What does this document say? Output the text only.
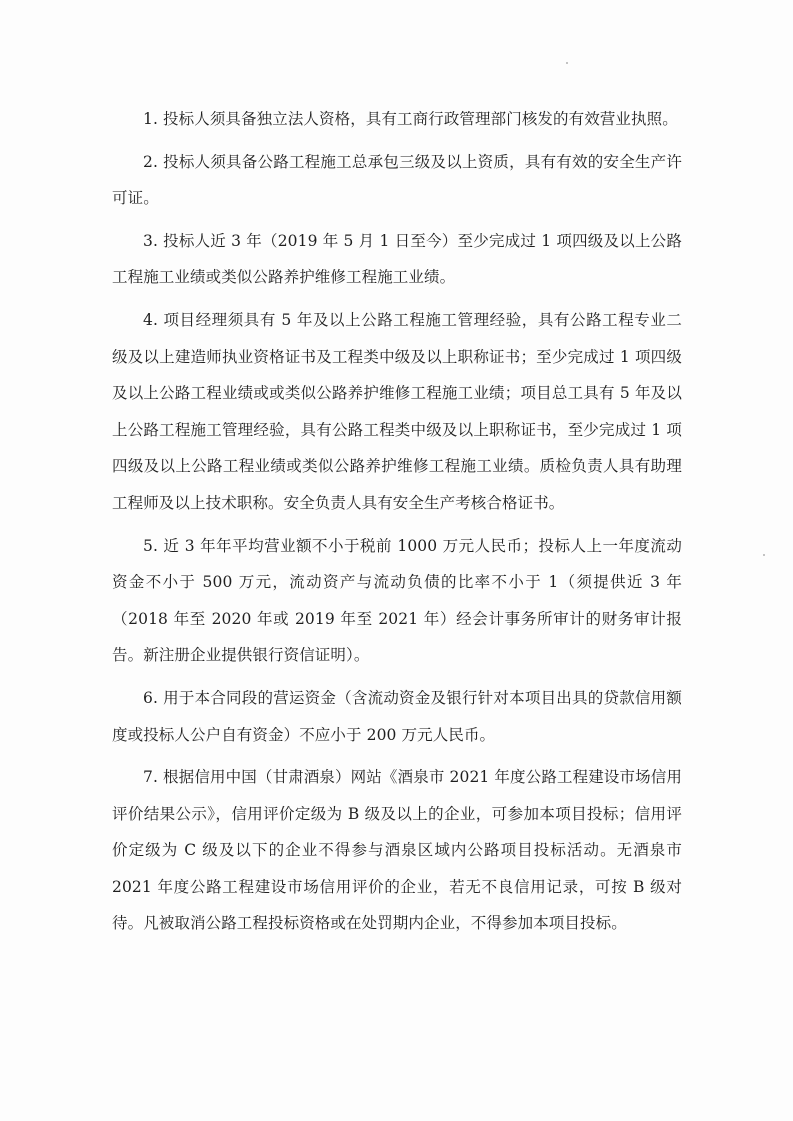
1. 投标人须具备独立法人资格，具有工商行政管理部门核发的有效营业执照。

2. 投标人须具备公路工程施工总承包三级及以上资质，具有有效的安全生产许可证。

3. 投标人近 3 年（2019 年 5 月 1 日至今）至少完成过 1 项四级及以上公路工程施工业绩或类似公路养护维修工程施工业绩。

4. 项目经理须具有 5 年及以上公路工程施工管理经验，具有公路工程专业二级及以上建造师执业资格证书及工程类中级及以上职称证书；至少完成过 1 项四级及以上公路工程业绩或或类似公路养护维修工程施工业绩；项目总工具有 5 年及以上公路工程施工管理经验，具有公路工程类中级及以上职称证书，至少完成过 1 项四级及以上公路工程业绩或类似公路养护维修工程施工业绩。质检负责人具有助理工程师及以上技术职称。安全负责人具有安全生产考核合格证书。

5. 近 3 年年平均营业额不小于税前 1000 万元人民币；投标人上一年度流动资金不小于 500 万元，流动资产与流动负债的比率不小于 1（须提供近 3 年（2018 年至 2020 年或 2019 年至 2021 年）经会计事务所审计的财务审计报告。新注册企业提供银行资信证明）。

6. 用于本合同段的营运资金（含流动资金及银行针对本项目出具的贷款信用额度或投标人公户自有资金）不应小于 200 万元人民币。

7. 根据信用中国（甘肃酒泉）网站《酒泉市 2021 年度公路工程建设市场信用评价结果公示》，信用评价定级为 B 级及以上的企业，可参加本项目投标；信用评价定级为 C 级及以下的企业不得参与酒泉区域内公路项目投标活动。无酒泉市 2021 年度公路工程建设市场信用评价的企业，若无不良信用记录，可按 B 级对待。凡被取消公路工程投标资格或在处罚期内企业，不得参加本项目投标。
